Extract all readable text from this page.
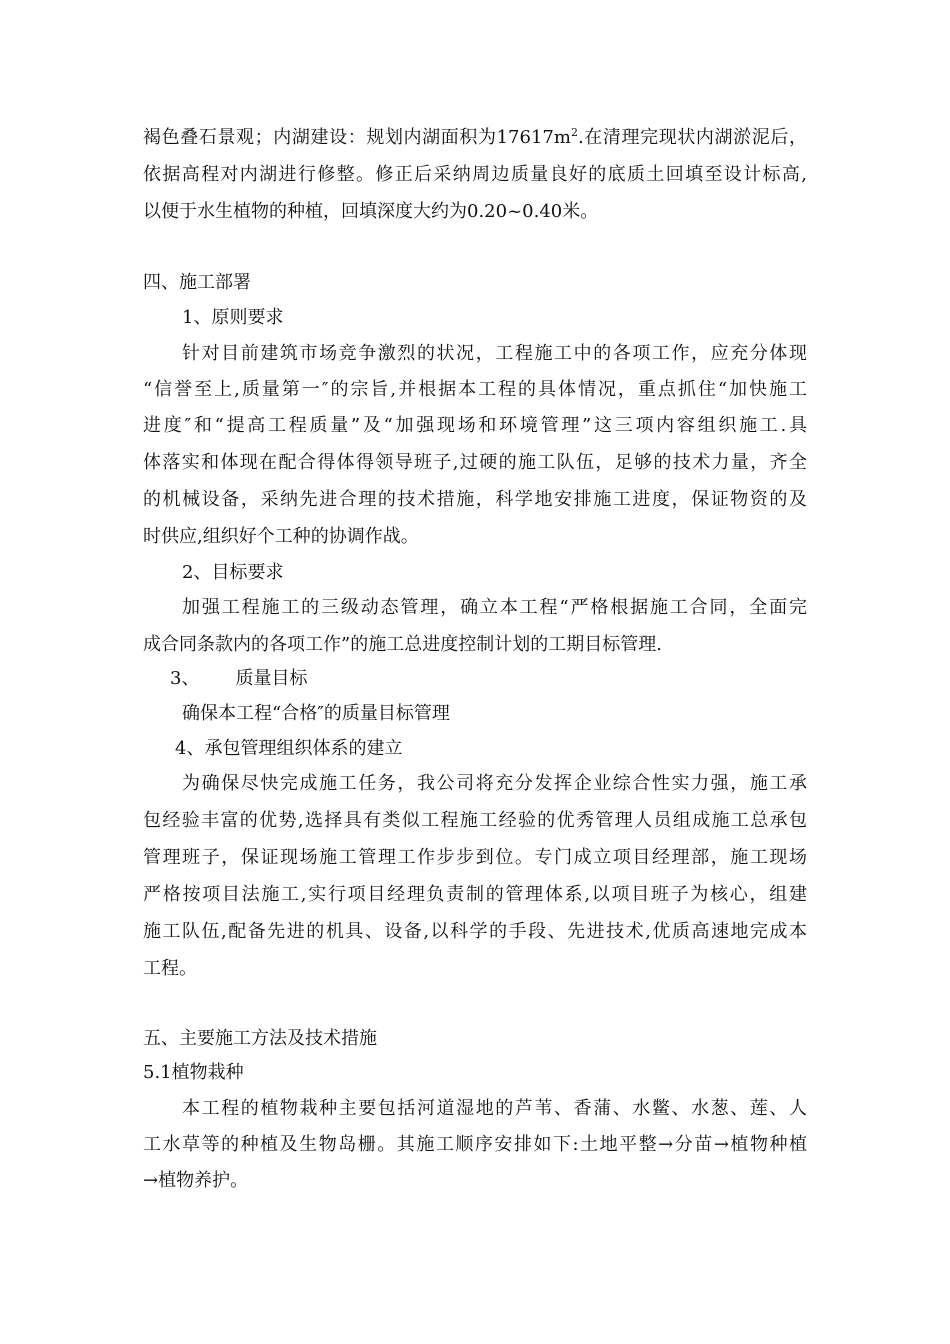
褐色叠石景观；内湖建设：规划内湖面积为$17617m^2$.在清理完现状内湖淤泥后，
依据高程对内湖进行修整。修正后采纳周边质量良好的底质土回填至设计标高,
以便于水生植物的种植，回填深度大约为0.20~0.40米。
四、施工部署
1、原则要求
针对目前建筑市场竞争激烈的状况，工程施工中的各项工作，应充分体现
“信誉至上,质量第一″的宗旨,并根据本工程的具体情况，重点抓住“加快施工
进度″和“提高工程质量”及“加强现场和环境管理”这三项内容组织施工.具
体落实和体现在配合得体得领导班子,过硬的施工队伍，足够的技术力量，齐全
的机械设备，采纳先进合理的技术措施，科学地安排施工进度，保证物资的及
时供应,组织好个工种的协调作战。
2、目标要求
加强工程施工的三级动态管理，确立本工程“严格根据施工合同，全面完
成合同条款内的各项工作”的施工总进度控制计划的工期目标管理.
3、 质量目标
确保本工程“合格″的质量目标管理
4、承包管理组织体系的建立
为确保尽快完成施工任务，我公司将充分发挥企业综合性实力强，施工承
包经验丰富的优势,选择具有类似工程施工经验的优秀管理人员组成施工总承包
管理班子，保证现场施工管理工作步步到位。专门成立项目经理部，施工现场
严格按项目法施工,实行项目经理负责制的管理体系,以项目班子为核心，组建
施工队伍,配备先进的机具、设备,以科学的手段、先进技术,优质高速地完成本
工程。
五、主要施工方法及技术措施
5.1植物栽种
本工程的植物栽种主要包括河道湿地的芦苇、香蒲、水鳖、水葱、莲、人
工水草等的种植及生物岛栅。其施工顺序安排如下:土地平整→分苗→植物种植
→植物养护。
